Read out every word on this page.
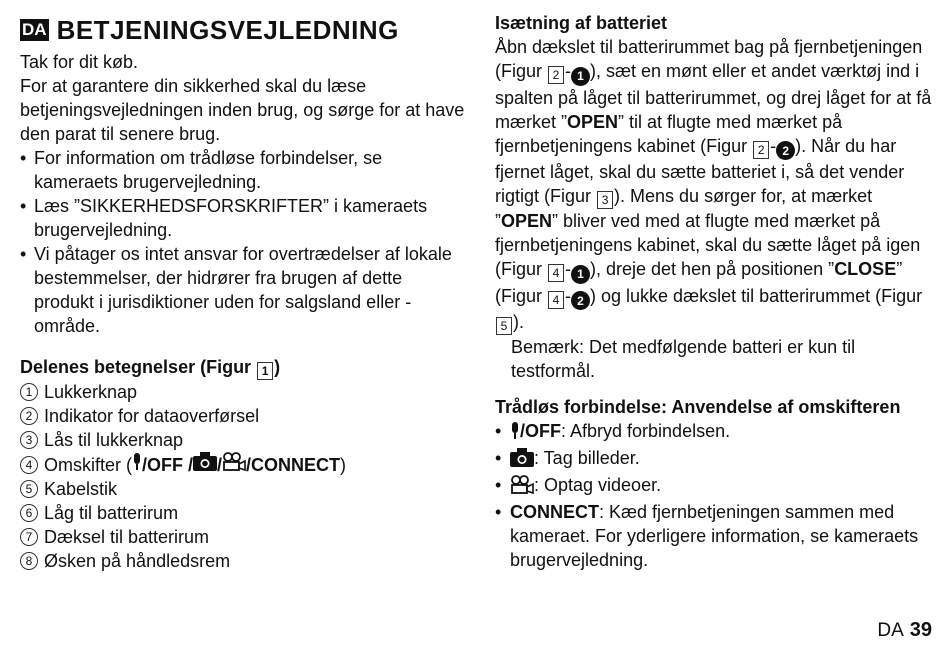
DA BETJENINGSVEJLEDNING

Tak for dit køb.

For at garantere din sikkerhed skal du læse betjeningsvejledningen inden brug, og sørge for at have den parat til senere brug.

• For information om trådløse forbindelser, se kameraets brugervejledning.
• Læs ”SIKKERHEDSFORSKRIFTER” i kameraets brugervejledning.
• Vi påtager os intet ansvar for overtrædelser af lokale bestemmelser, der hidrører fra brugen af dette produkt i jurisdiktioner uden for salgsland eller -område.
Delenes betegnelser (Figur 1 )
1 Lukkerknap
2 Indikator for dataoverførsel
3 Lås til lukkerknap
4 Omskifter ( /OFF / / /CONNECT )
5 Kabelstik
6 Låg til batterirum
7 Dæksel til batterirum
8 Øsken på håndledsrem
Isætning af batteriet

Åbn dækslet til batterirummet bag på fjernbetjeningen (Figur 2 - 1 ), sæt en mønt eller et andet værktøj ind i spalten på låget til batterirummet, og drej låget for at få mærket ”OPEN” til at flugte med mærket på fjernbetjeningens kabinet (Figur 2 - 2 ). Når du har fjernet låget, skal du sætte batteriet i, så det vender rigtigt (Figur 3 ). Mens du sørger for, at mærket ”OPEN” bliver ved med at flugte med mærket på fjernbetjeningens kabinet, skal du sætte låget på igen (Figur 4 - 1 ), dreje det hen på positionen ”CLOSE” (Figur 4 - 2 ) og lukke dækslet til batterirummet (Figur 5 ).

Bemærk: Det medfølgende batteri er kun til testformål.

Trådløs forbindelse: Anvendelse af omskifteren
• /OFF: Afbryd forbindelsen.
• : Tag billeder.
• : Optag videoer.
• CONNECT: Kæd fjernbetjeningen sammen med kameraet. For yderligere information, se kameraets brugervejledning.
DA 39
